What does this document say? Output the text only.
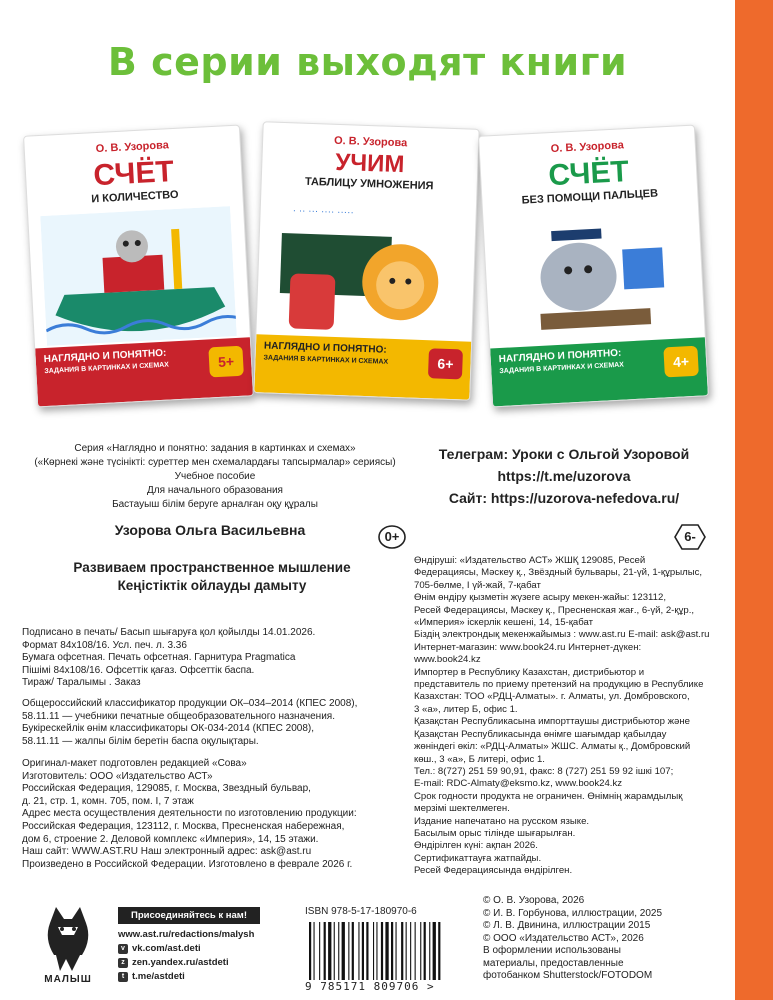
В серии выходят книги
О. В. Узорова
СЧЁТ
И КОЛИЧЕСТВО
НАГЛЯДНО И ПОНЯТНО:
ЗАДАНИЯ В КАРТИНКАХ И СХЕМАХ	5+
О. В. Узорова
УЧИМ
ТАБЛИЦУ УМНОЖЕНИЯ
· ·· ··· ···· ·····
НАГЛЯДНО И ПОНЯТНО:
ЗАДАНИЯ В КАРТИНКАХ И СХЕМАХ	6+
О. В. Узорова
СЧЁТ
БЕЗ ПОМОЩИ ПАЛЬЦЕВ
НАГЛЯДНО И ПОНЯТНО:
ЗАДАНИЯ В КАРТИНКАХ И СХЕМАХ	4+
Серия «Наглядно и понятно: задания в картинках и схемах»
(«Көрнекі және түсінікті: суреттер мен схемалардағы тапсырмалар» сериясы)
Учебное пособие
Для начального образования
Бастауыш білім беруге арналған оқу құралы
Телеграм: Уроки с Ольгой Узоровой
https://t.me/uzorova
Сайт: https://uzorova-nefedova.ru/
Узорова Ольга Васильевна	0+	6-
Развиваем пространственное мышление
Кеңістіктік ойлауды дамыту
Подписано в печать/ Басып шығаруға қол қойылды 14.01.2026.
Формат 84x108/16. Усл. печ. л. 3.36
Бумага офсетная. Печать офсетная. Гарнитура Pragmatica
Пішімі 84x108/16. Офсеттік қағаз. Офсеттік баспа.
Тираж/ Таралымы . Заказ
Общероссийский классификатор продукции ОК–034–2014 (КПЕС 2008),
58.11.11 — учебники печатные общеобразовательного назначения.
Букірескейлік өнім классификаторы ОК-034-2014 (КПЕС 2008),
58.11.11 — жалпы білім беретін баспа оқулықтары.
Оригинал-макет подготовлен редакцией «Сова»
Изготовитель: ООО «Издательство АСТ»
Российская Федерация, 129085, г. Москва, Звездный бульвар,
д. 21, стр. 1, комн. 705, пом. I, 7 этаж
Адрес места осуществления деятельности по изготовлению продукции:
Российская Федерация, 123112, г. Москва, Пресненская набережная,
дом 6, строение 2. Деловой комплекс «Империя», 14, 15 этажи.
Наш сайт: WWW.AST.RU Наш электронный адрес: ask@ast.ru
Произведено в Российской Федерации. Изготовлено в феврале 2026 г.
Өндіруші: «Издательство АСТ» ЖШҚ 129085, Ресей
Федерациясы, Мәскеу қ., Звёздный бульвары, 21-үй, 1-құрылыс,
705-бөлме, I үй-жай, 7-қабат
Өнім өндіру қызметін жүзеге асыру мекен-жайы: 123112,
Ресей Федерациясы, Мәскеу қ., Пресненская жағ., 6-үй, 2-құр.,
«Империя» іскерлік кешені, 14, 15-қабат
Біздің электрондық мекенжайымыз : www.ast.ru E-mail: ask@ast.ru
Интернет-магазин: www.book24.ru Интернет-дүкен:
www.book24.kz
Импортер в Республику Казахстан, дистрибьютор и
представитель по приему претензий на продукцию в Республике
Казахстан: ТОО «РДЦ-Алматы». г. Алматы, ул. Домбровского,
3 «а», литер Б, офис 1.
Қазақстан Республикасына импорттаушы дистрибьютор және
Қазақстан Республикасында өнімге шағымдар қабылдау
жөніндегі өкіл: «РДЦ-Алматы» ЖШС. Алматы қ., Домбровский
көш., 3 «а», Б литері, офис 1.
Тел.: 8(727) 251 59 90,91, факс: 8 (727) 251 59 92 ішкі 107;
E-mail: RDC-Almaty@eksmo.kz, www.book24.kz
Срок годности продукта не ограничен. Өнімнің жарамдылық
мерзімі шектелмеген.
Издание напечатано на русском языке.
Басылым орыс тілінде шығарылған.
Өндірілген күні: ақпан 2026.
Сертификаттауға жатпайды.
Ресей Федерациясында өндірілген.
© О. В. Узорова, 2026
© И. В. Горбунова, иллюстрации, 2025
© Л. В. Двинина, иллюстрации 2015
© ООО «Издательство АСТ», 2026
В оформлении использованы
материалы, предоставленные
фотобанком Shutterstock/FOTODOM
МАЛЫШ
Присоединяйтесь к нам!
www.ast.ru/redactions/malysh
v vk.com/ast.deti
z zen.yandex.ru/astdeti
t t.me/astdeti
ISBN 978-5-17-180970-6
9 785171 809706 >
